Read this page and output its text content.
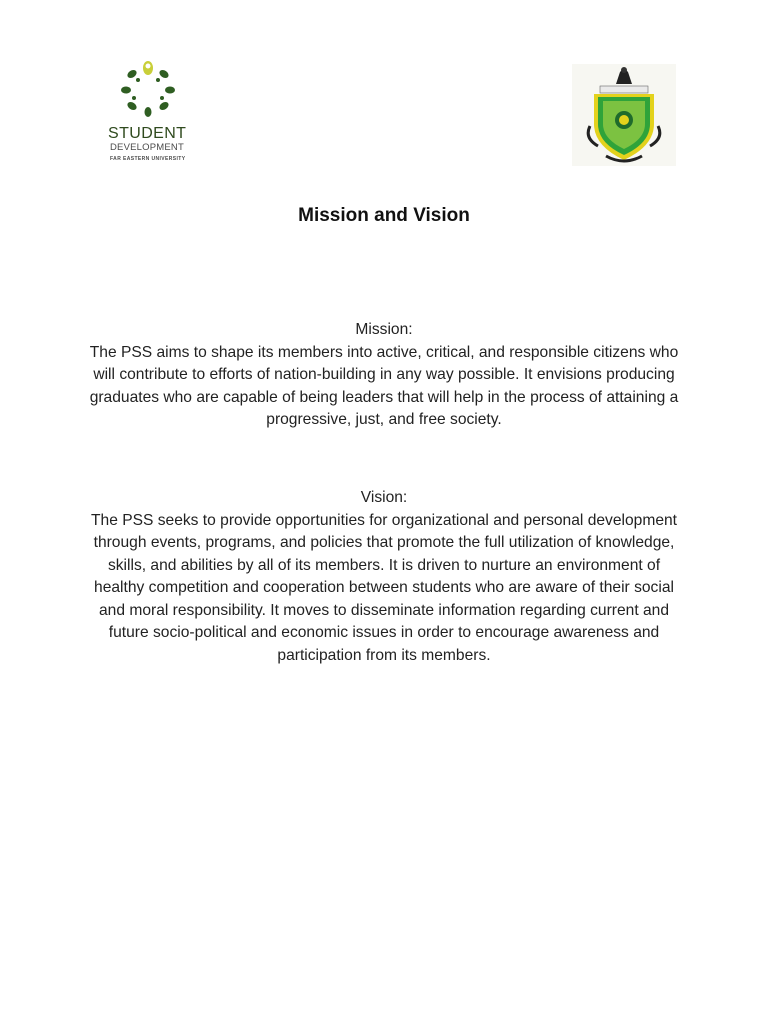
STUDENT
DEVELOPMENT
FAR EASTERN UNIVERSITY
Mission and Vision

Mission:

The PSS aims to shape its members into active, critical, and responsible citizens who will contribute to efforts of nation-building in any way possible. It envisions producing graduates who are capable of being leaders that will help in the process of attaining a progressive, just, and free society.

Vision:

The PSS seeks to provide opportunities for organizational and personal development through events, programs, and policies that promote the full utilization of knowledge, skills, and abilities by all of its members. It is driven to nurture an environment of healthy competition and cooperation between students who are aware of their social and moral responsibility. It moves to disseminate information regarding current and future socio-political and economic issues in order to encourage awareness and participation from its members.
